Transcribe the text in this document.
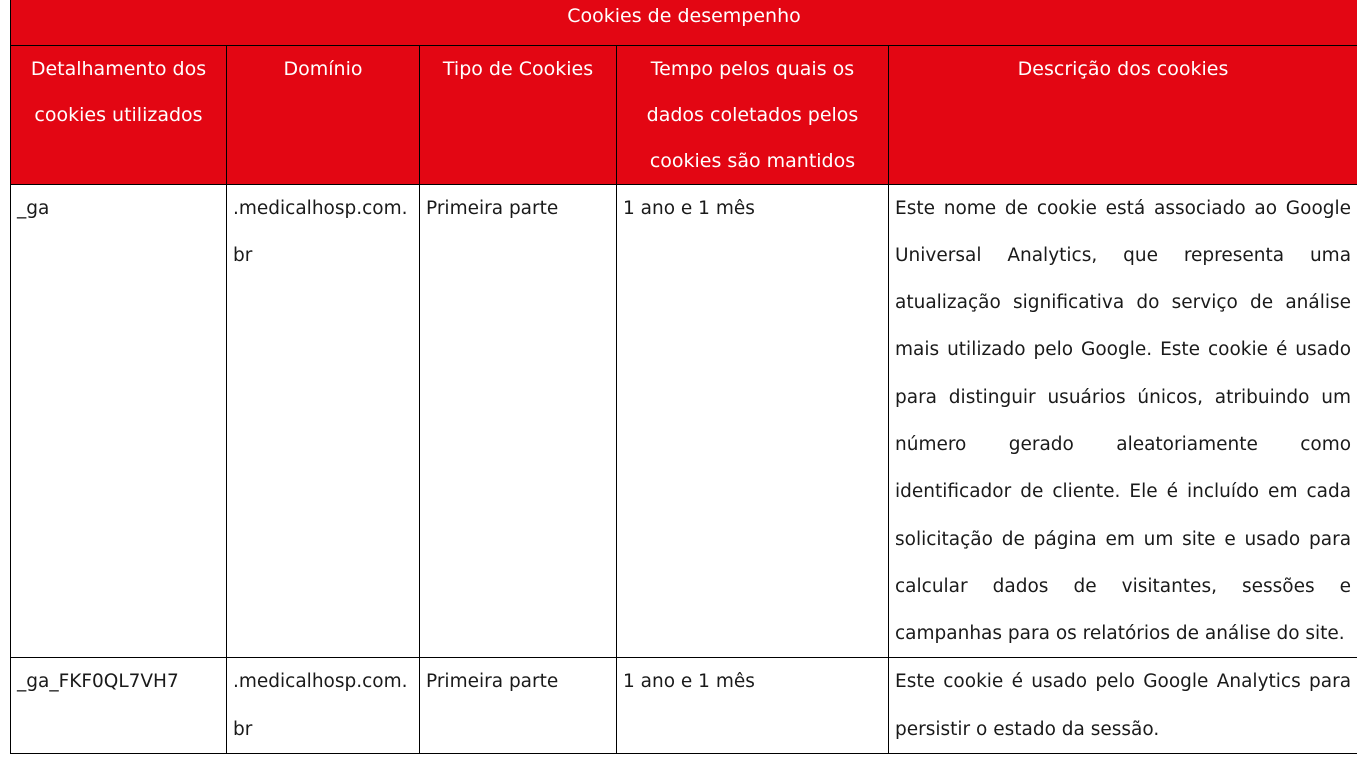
Cookies de desempenho				
Detalhamento dos cookies utilizados	Domínio	Tipo de Cookies	Tempo pelos quais os dados coletados pelos cookies são mantidos	Descrição dos cookies
_ga	.medicalhosp.com.br	Primeira parte	1 ano e 1 mês	Este nome de cookie está associado ao Google Universal Analytics, que representa uma atualização significativa do serviço de análise mais utilizado pelo Google. Este cookie é usado para distinguir usuários únicos, atribuindo um número gerado aleatoriamente como identificador de cliente. Ele é incluído em cada solicitação de página em um site e usado para calcular dados de visitantes, sessões e campanhas para os relatórios de análise do site.
_ga_FKF0QL7VH7	.medicalhosp.com.br	Primeira parte	1 ano e 1 mês	Este cookie é usado pelo Google Analytics para persistir o estado da sessão.
